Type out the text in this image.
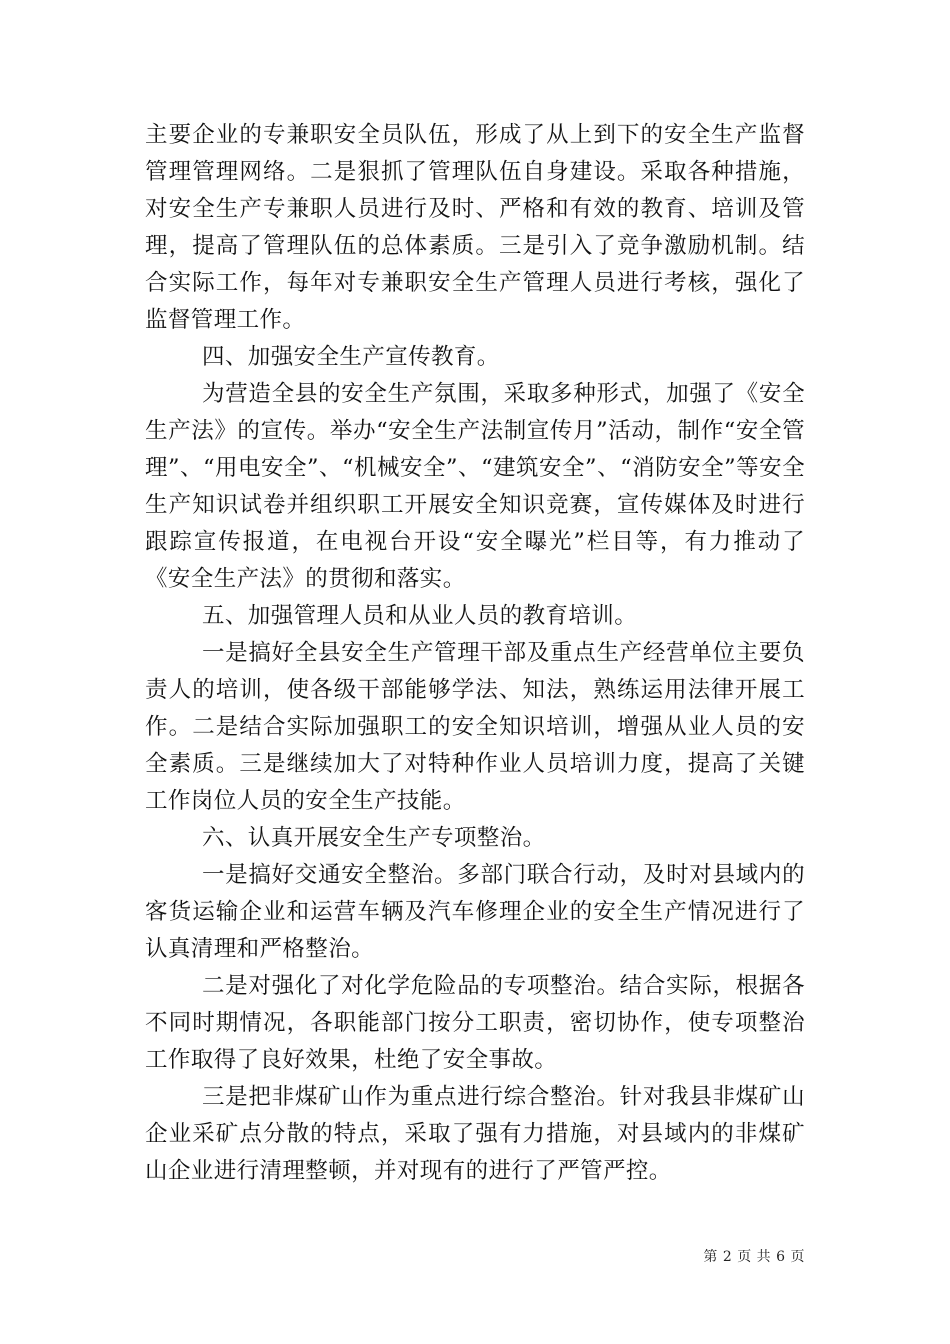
主要企业的专兼职安全员队伍，形成了从上到下的安全生产监督管理管理网络。二是狠抓了管理队伍自身建设。采取各种措施，对安全生产专兼职人员进行及时、严格和有效的教育、培训及管理，提高了管理队伍的总体素质。三是引入了竞争激励机制。结合实际工作，每年对专兼职安全生产管理人员进行考核，强化了监督管理工作。

四、加强安全生产宣传教育。

为营造全县的安全生产氛围，采取多种形式，加强了《安全生产法》的宣传。举办“安全生产法制宣传月”活动，制作“安全管理”、“用电安全”、“机械安全”、“建筑安全”、“消防安全”等安全生产知识试卷并组织职工开展安全知识竞赛，宣传媒体及时进行跟踪宣传报道，在电视台开设“安全曝光”栏目等，有力推动了《安全生产法》的贯彻和落实。

五、加强管理人员和从业人员的教育培训。

一是搞好全县安全生产管理干部及重点生产经营单位主要负责人的培训，使各级干部能够学法、知法，熟练运用法律开展工作。二是结合实际加强职工的安全知识培训，增强从业人员的安全素质。三是继续加大了对特种作业人员培训力度，提高了关键工作岗位人员的安全生产技能。

六、认真开展安全生产专项整治。

一是搞好交通安全整治。多部门联合行动，及时对县域内的客货运输企业和运营车辆及汽车修理企业的安全生产情况进行了认真清理和严格整治。

二是对强化了对化学危险品的专项整治。结合实际，根据各不同时期情况，各职能部门按分工职责，密切协作，使专项整治工作取得了良好效果，杜绝了安全事故。

三是把非煤矿山作为重点进行综合整治。针对我县非煤矿山企业采矿点分散的特点，采取了强有力措施，对县域内的非煤矿山企业进行清理整顿，并对现有的进行了严管严控。

第 2 页 共 6 页
